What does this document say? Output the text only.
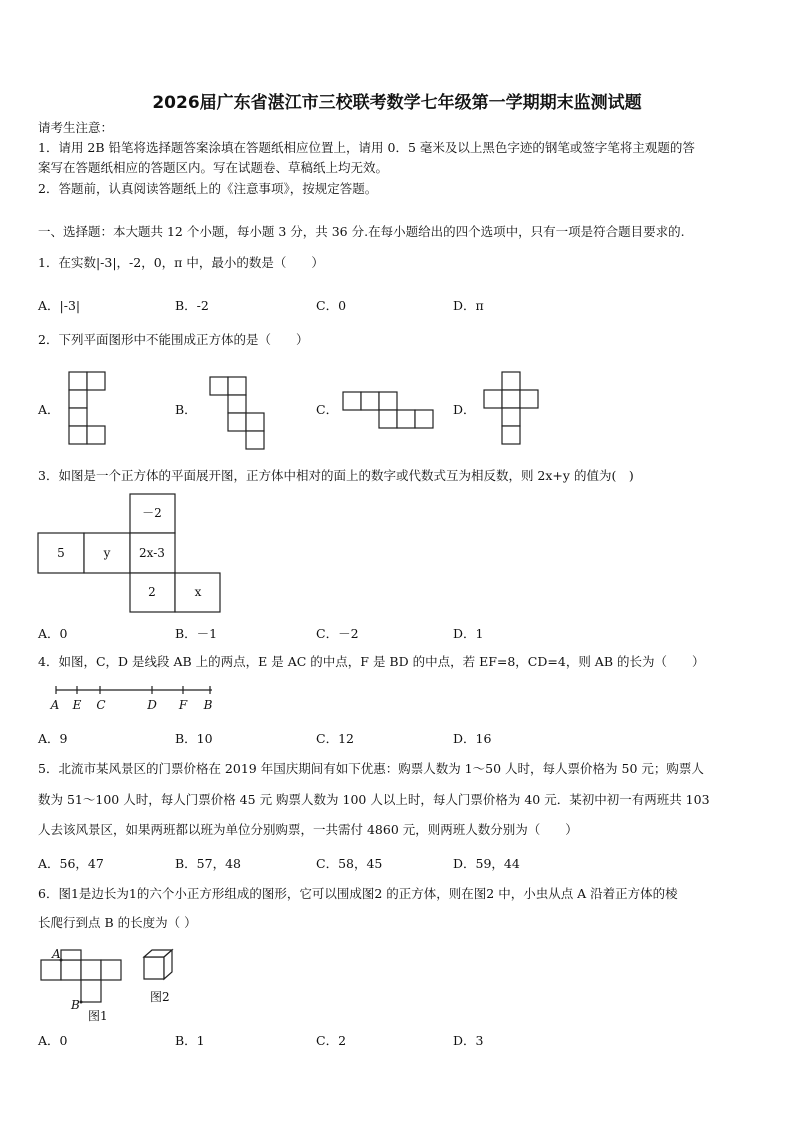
2026届广东省湛江市三校联考数学七年级第一学期期末监测试题
请考生注意：
1．请用 2B 铅笔将选择题答案涂填在答题纸相应位置上，请用 0．5 毫米及以上黑色字迹的钢笔或签字笔将主观题的答
案写在答题纸相应的答题区内。写在试题卷、草稿纸上均无效。
2．答题前，认真阅读答题纸上的《注意事项》，按规定答题。
一、选择题：本大题共 12 个小题，每小题 3 分，共 36 分.在每小题给出的四个选项中，只有一项是符合题目要求的.
1．在实数|-3|，-2，0，π 中，最小的数是（　　）
A．|-3|	B．-2	C．0	D．π
2．下列平面图形中不能围成正方体的是（　　）
A．	B．	C．	D．
3．如图是一个正方体的平面展开图，正方体中相对的面上的数字或代数式互为相反数，则 2x+y 的值为(　)
－2
5	y 2x-3
2	x
A．0	B．－1	C．－2	D．1
4．如图，C，D 是线段 AB 上的两点，E 是 AC 的中点，F 是 BD 的中点，若 EF=8，CD=4，则 AB 的长为（　　）
A E C	D F B
A．9	B．10	C．12	D．16
5．北流市某风景区的门票价格在 2019 年国庆期间有如下优惠：购票人数为 1～50 人时，每人票价格为 50 元；购票人
数为 51～100 人时，每人门票价格 45 元 购票人数为 100 人以上时，每人门票价格为 40 元．某初中初一有两班共 103
人去该风景区，如果两班都以班为单位分别购票，一共需付 4860 元，则两班人数分别为（　　）
A．56，47	B．57，48	C．58，45	D．59，44
6．图1是边长为1的六个小正方形组成的图形，它可以围成图2 的正方体，则在图2 中，小虫从点 A 沿着正方体的棱
长爬行到点 B 的长度为（ ）
A
B
图1
图2
A．0	B．1	C．2	D．3
